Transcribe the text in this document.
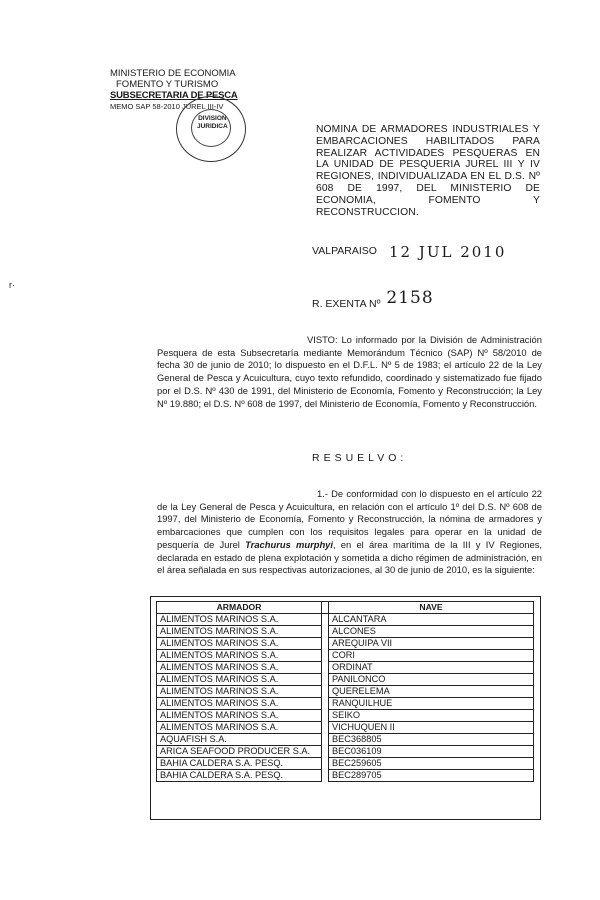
MINISTERIO DE ECONOMIA
FOMENTO Y TURISMO
SUBSECRETARIA DE PESCA
MEMO SAP 58-2010 JUREL III-IV
DIVISION
JURIDICA
r·
NOMINA DE ARMADORES INDUSTRIALES Y EMBARCACIONES HABILITADOS PARA REALIZAR ACTIVIDADES PESQUERAS EN LA UNIDAD DE PESQUERIA JUREL III Y IV REGIONES, INDIVIDUALIZADA EN EL D.S. Nº 608 DE 1997, DEL MINISTERIO DE ECONOMIA, FOMENTO Y RECONSTRUCCION.
VALPARAISO 12 JUL 2010
R. EXENTA Nº 2158
VISTO: Lo informado por la División de Administración Pesquera de esta Subsecretaría mediante Memorándum Técnico (SAP) Nº 58/2010 de fecha 30 de junio de 2010; lo dispuesto en el D.F.L. Nº 5 de 1983; el artículo 22 de la Ley General de Pesca y Acuicultura, cuyo texto refundido, coordinado y sistematizado fue fijado por el D.S. Nº 430 de 1991, del Ministerio de Economía, Fomento y Reconstrucción; la Ley Nº 19.880; el D.S. Nº 608 de 1997, del Ministerio de Economía, Fomento y Reconstrucción.
RESUELVO:
1.- De conformidad con lo dispuesto en el artículo 22 de la Ley General de Pesca y Acuicultura, en relación con el artículo 1º del D.S. Nº 608 de 1997, del Ministerio de Economía, Fomento y Reconstrucción, la nómina de armadores y embarcaciones que cumplen con los requisitos legales para operar en la unidad de pesquería de Jurel Trachurus murphyi, en el área marítima de la III y IV Regiones, declarada en estado de plena explotación y sometida a dicho régimen de administración, en el área señalada en sus respectivas autorizaciones, al 30 de junio de 2010, es la siguiente:
ARMADOR		NAVE
ALIMENTOS MARINOS S.A.		ALCANTARA
ALIMENTOS MARINOS S.A.		ALCONES
ALIMENTOS MARINOS S.A.		AREQUIPA VII
ALIMENTOS MARINOS S.A.		CORI
ALIMENTOS MARINOS S.A.		ORDINAT
ALIMENTOS MARINOS S.A.		PANILONCO
ALIMENTOS MARINOS S.A.		QUERELEMA
ALIMENTOS MARINOS S.A.		RANQUILHUE
ALIMENTOS MARINOS S.A.		SEIKO
ALIMENTOS MARINOS S.A.		VICHUQUEN II
AQUAFISH S.A.		BEC368805
ARICA SEAFOOD PRODUCER S.A.		BEC036109
BAHIA CALDERA S.A. PESQ.		BEC259605
BAHIA CALDERA S.A. PESQ.		BEC289705
